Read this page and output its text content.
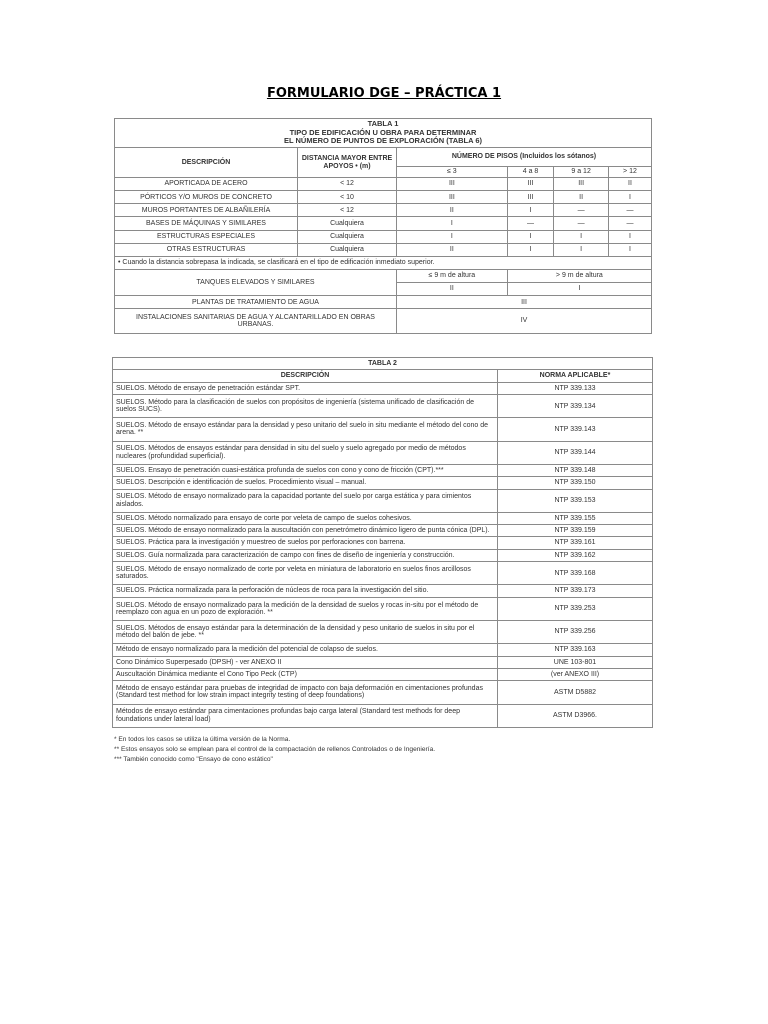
FORMULARIO DGE – PRÁCTICA 1
TABLA 1
TIPO DE EDIFICACIÓN U OBRA PARA DETERMINAR
EL NÚMERO DE PUNTOS DE EXPLORACIÓN (TABLA 6)					

DESCRIPCIÓN	DISTANCIA MAYOR ENTRE APOYOS • (m)	NÚMERO DE PISOS (Incluidos los sótanos)			
		≤ 3	4 a 8	9 a 12	> 12
APORTICADA DE ACERO	< 12	III	III	III	II
PÓRTICOS Y/O MUROS DE CONCRETO	< 10	III	III	II	I
MUROS PORTANTES DE ALBAÑILERÍA	< 12	II	I	—	—
BASES DE MÁQUINAS Y SIMILARES	Cualquiera	I	—	—	—
ESTRUCTURAS ESPECIALES	Cualquiera	I	I	I	I
OTRAS ESTRUCTURAS	Cualquiera	II	I	I	I
• Cuando la distancia sobrepasa la indicada, se clasificará en el tipo de edificación inmediato superior.					
TANQUES ELEVADOS Y SIMILARES		≤ 9 m de altura	> 9 m de altura		
		II	I		
PLANTAS DE TRATAMIENTO DE AGUA		III			
INSTALACIONES SANITARIAS DE AGUA Y ALCANTARILLADO EN OBRAS URBANAS.		IV			
TABLA 2	
DESCRIPCIÓN	NORMA APLICABLE*
SUELOS. Método de ensayo de penetración estándar SPT.	NTP 339.133
SUELOS. Método para la clasificación de suelos con propósitos de ingeniería (sistema unificado de clasificación de suelos SUCS).	NTP 339.134
SUELOS. Método de ensayo estándar para la densidad y peso unitario del suelo in situ mediante el método del cono de arena. **	NTP 339.143
SUELOS. Métodos de ensayos estándar para densidad in situ del suelo y suelo agregado por medio de métodos nucleares (profundidad superficial).	NTP 339.144
SUELOS. Ensayo de penetración cuasi-estática profunda de suelos con cono y cono de fricción (CPT).***	NTP 339.148
SUELOS. Descripción e identificación de suelos. Procedimiento visual – manual.	NTP 339.150
SUELOS. Método de ensayo normalizado para la capacidad portante del suelo por carga estática y para cimientos aislados.	NTP 339.153
SUELOS. Método normalizado para ensayo de corte por veleta de campo de suelos cohesivos.	NTP 339.155
SUELOS. Método de ensayo normalizado para la auscultación con penetrómetro dinámico ligero de punta cónica (DPL).	NTP 339.159
SUELOS. Práctica para la investigación y muestreo de suelos por perforaciones con barrena.	NTP 339.161
SUELOS. Guía normalizada para caracterización de campo con fines de diseño de ingeniería y construcción.	NTP 339.162
SUELOS. Método de ensayo normalizado de corte por veleta en miniatura de laboratorio en suelos finos arcillosos saturados.	NTP 339.168
SUELOS. Práctica normalizada para la perforación de núcleos de roca para la investigación del sitio.	NTP 339.173
SUELOS. Método de ensayo normalizado para la medición de la densidad de suelos y rocas in-situ por el método de reemplazo con agua en un pozo de exploración. **	NTP 339.253
SUELOS. Métodos de ensayo estándar para la determinación de la densidad y peso unitario de suelos in situ por el método del balón de jebe. **	NTP 339.256
Método de ensayo normalizado para la medición del potencial de colapso de suelos.	NTP 339.163
Cono Dinámico Superpesado (DPSH) - ver ANEXO II	UNE 103-801
Auscultación Dinámica mediante el Cono Tipo Peck (CTP)	(ver ANEXO III)
Método de ensayo estándar para pruebas de integridad de impacto con baja deformación en cimentaciones profundas (Standard test method for low strain impact integrity testing of deep foundations)	ASTM D5882
Métodos de ensayo estándar para cimentaciones profundas bajo carga lateral (Standard test methods for deep foundations under lateral load)	ASTM D3966.
* En todos los casos se utiliza la última versión de la Norma.
** Estos ensayos solo se emplean para el control de la compactación de rellenos Controlados o de Ingeniería.
*** También conocido como "Ensayo de cono estático"
